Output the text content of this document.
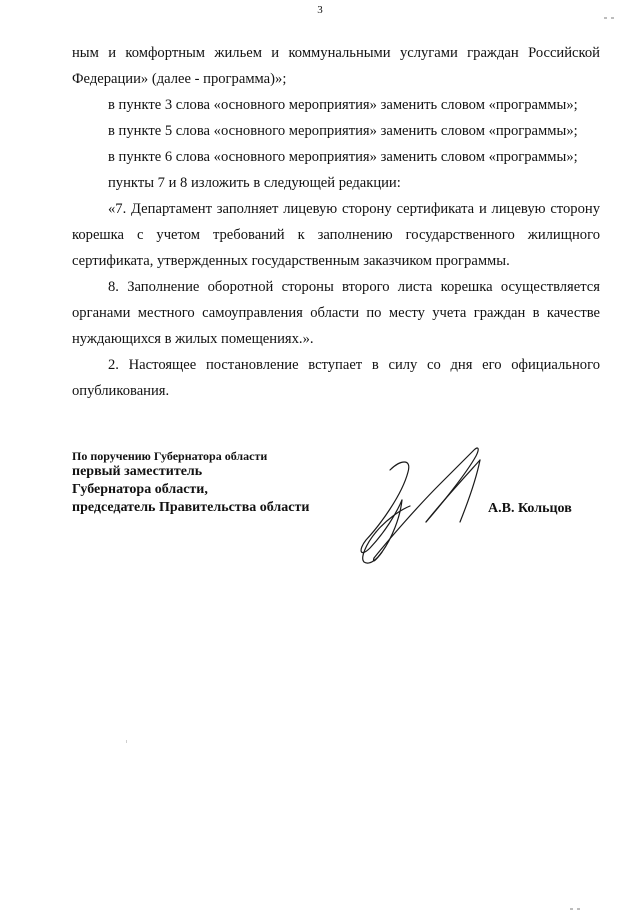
3

ным и комфортным жильем и коммунальными услугами граждан Российской Федерации» (далее - программа)»;

в пункте 3 слова «основного мероприятия» заменить словом «программы»;

в пункте 5 слова «основного мероприятия» заменить словом «программы»;

в пункте 6 слова «основного мероприятия» заменить словом «программы»;

пункты 7 и 8 изложить в следующей редакции:

«7. Департамент заполняет лицевую сторону сертификата и лицевую сторону корешка с учетом требований к заполнению государственного жилищного сертификата, утвержденных государственным заказчиком программы.

8. Заполнение оборотной стороны второго листа корешка осуществляется органами местного самоуправления области по месту учета граждан в качестве нуждающихся в жилых помещениях.».

2. Настоящее постановление вступает в силу со дня его официального опубликования.

По поручению Губернатора области
первый заместитель
Губернатора области,
председатель Правительства области	А.В. Кольцов
